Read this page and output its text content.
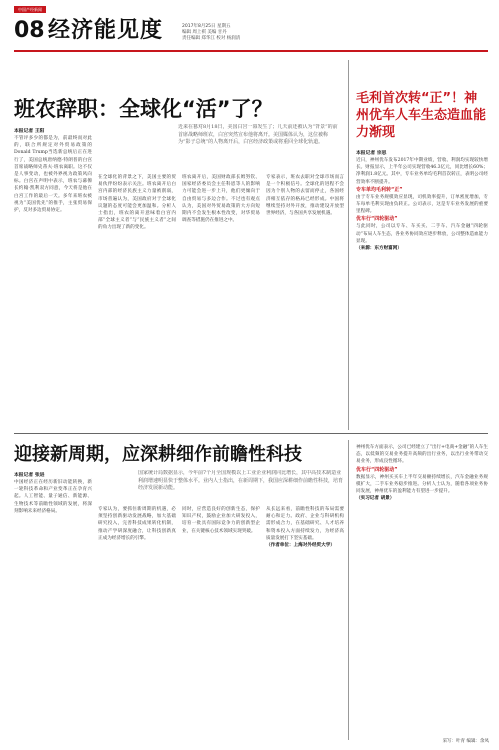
中国产经新闻
08 经济能见度	2017年8月25日 星期五
编辑 周上祺 美编 甘丹
责任编辑 郑华江 校对 杨润清
班农辞职：全球化“活”了？
近来在篡对8月18日，美国白宫一幕发生了；几天前还被认为“背景”的前首席战略师班农，白宫突然宣布他将离开。美国媒体认为，这位被称为“影子总统”的人物离开后，白宫经济政策或将重回全球化轨道。
本报记者 王阳
不管评多少的都是为，前最终而对此的，联合所规定对外贸易政策的Donald Trump当选新总统后正在进行了，美国总统唐纳德·特朗普的白宫首席战略师史蒂夫·班农离职。这不仅是人事变动，也被外界视为政策风向标。白宫在声明中表示，班农与幕僚长约翰·凯利双方同意，今天将是他在白宫工作的最后一天。多年来班农被视为“美国优先”的推手，主张贸易保护，反对多边贸易协定。
在全球化的背景之下，美国主要的贸易伙伴纷纷表示关注。班农离开后白宫内部的经济民族主义力量被削弱，市场普遍认为，美国政府对于全球化议题的态度可能会更加温和。分析人士指出，班农的离开意味着白宫内部“全球主义者”与“民族主义者”之间的角力出现了新的变化。
班农离开后，美国财政部长姆努钦、国家经济委员会主任科恩等人的影响力可能会进一步上升，他们更倾向于自由贸易与多边合作。不过也有观点认为，美国对外贸易政策的大方向短期内不会发生根本性改变，对华贸易调查等措施仍在推进之中。
专家表示，班农去职对全球市场而言是一个积极信号。全球化的进程不会因为个别人物的去留而停止，各国经济相互依存的格局已经形成。中国将继续坚持对外开放，推动建设开放型世界经济，与各国共享发展机遇。
毛利首次转“正”！神州优车人车生态造血能力渐现
本报记者 宗思
近日，神州优车发布2017年中期业绩，营收、利润均实现较快增长。财报显示，上半年公司实现营收46.3亿元，同比增长60%；净利润1.8亿元。其中，专车业务单均毛利首次转正，表明公司经营效率不断提升。
专车单均毛利转“正”
由于专车业务规模效应显现，司机效率提升，订单密度增加，专车每单毛利实现由负转正。公司表示，这是专车业务发展的重要里程碑。
优车行“四轮驱动”
与此同时，公司以专车、车买买、二手车、汽车金融“四轮驱动”布局人车生态，各业务协同效应逐步释放，公司整体造血能力显现。
（来源：东方财富网）
迎接新周期，应深耕细作前瞻性科技
国家统计局数据显示，今年前7个月全国规模以上工业企业利润同比增长，其中高技术制造业利润增速明显快于整体水平。业内人士指出，在新周期下，我国应深耕细作前瞻性科技，培育经济发展新动能。
本报记者 张进
中国经济正在经历新旧动能转换，新一轮科技革命和产业变革正在孕育兴起。人工智能、量子通信、新能源、生物技术等前瞻性领域的发展，将深刻影响未来经济格局。	专家认为，要抓住新周期的机遇，必须坚持创新驱动发展战略，加大基础研究投入，完善科技成果转化机制，推动产学研深度融合，让科技创新真正成为经济增长的引擎。
同时，应营造良好的创新生态，保护知识产权，鼓励企业加大研发投入，培育一批具有国际竞争力的创新型企业，在关键核心技术领域实现突破。
从长远来看，前瞻性科技的布局需要耐心和定力。政府、企业与科研机构需形成合力，在基础研究、人才培养和资本投入方面持续发力，为经济高质量发展打下坚实基础。
（作者单位：上海对外经贸大学）
神州优车方面表示，公司已经建立了“出行+电商+金融”的人车生态，以低频的交易业务提升高频的出行业务，以出行业务带动交易业务，形成良性循环。
优车行“四轮驱动”
数据显示，神州买买车上半年交易额持续增长，汽车金融业务规模扩大，二手车业务稳步推进。分析人士认为，随着各项业务协同发展，神州优车的盈利能力有望进一步提升。
（实习记者 胡景）
采写：叶青 编辑：余凤
